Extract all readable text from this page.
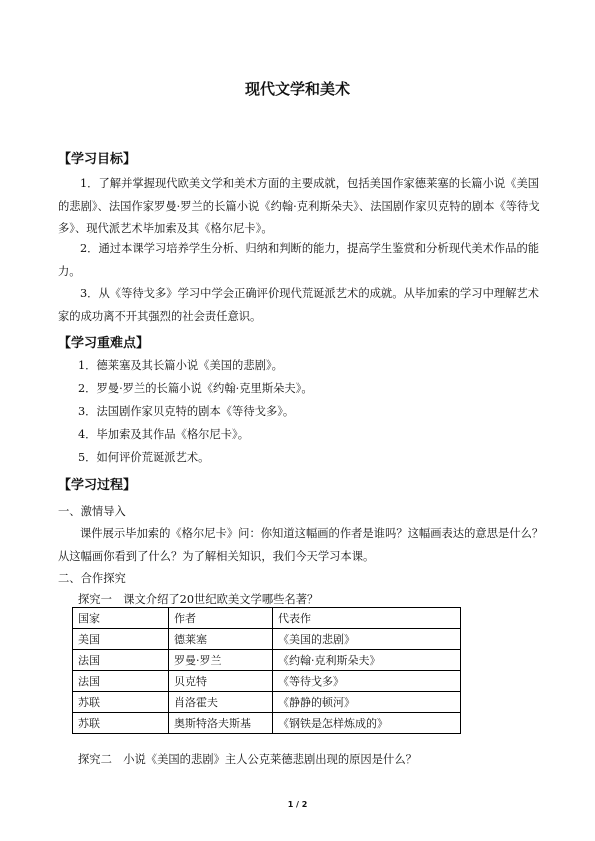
现代文学和美术
【学习目标】
1．了解并掌握现代欧美文学和美术方面的主要成就，包括美国作家德莱塞的长篇小说《美国的悲剧》、法国作家罗曼·罗兰的长篇小说《约翰·克利斯朵夫》、法国剧作家贝克特的剧本《等待戈多》、现代派艺术毕加索及其《格尔尼卡》。
2．通过本课学习培养学生分析、归纳和判断的能力，提高学生鉴赏和分析现代美术作品的能力。
3．从《等待戈多》学习中学会正确评价现代荒诞派艺术的成就。从毕加索的学习中理解艺术家的成功离不开其强烈的社会责任意识。
【学习重难点】
1．德莱塞及其长篇小说《美国的悲剧》。
2．罗曼·罗兰的长篇小说《约翰·克里斯朵夫》。
3．法国剧作家贝克特的剧本《等待戈多》。
4．毕加索及其作品《格尔尼卡》。
5．如何评价荒诞派艺术。
【学习过程】
一、激情导入
课件展示毕加索的《格尔尼卡》问：你知道这幅画的作者是谁吗？这幅画表达的意思是什么？从这幅画你看到了什么？为了解相关知识，我们今天学习本课。
二、合作探究
探究一　课文介绍了20世纪欧美文学哪些名著？
国家	作者	代表作
美国	德莱塞	《美国的悲剧》
法国	罗曼·罗兰	《约翰·克利斯朵夫》
法国	贝克特	《等待戈多》
苏联	肖洛霍夫	《静静的顿河》
苏联	奥斯特洛夫斯基	《钢铁是怎样炼成的》
探究二　小说《美国的悲剧》主人公克莱德悲剧出现的原因是什么？
1 / 2
